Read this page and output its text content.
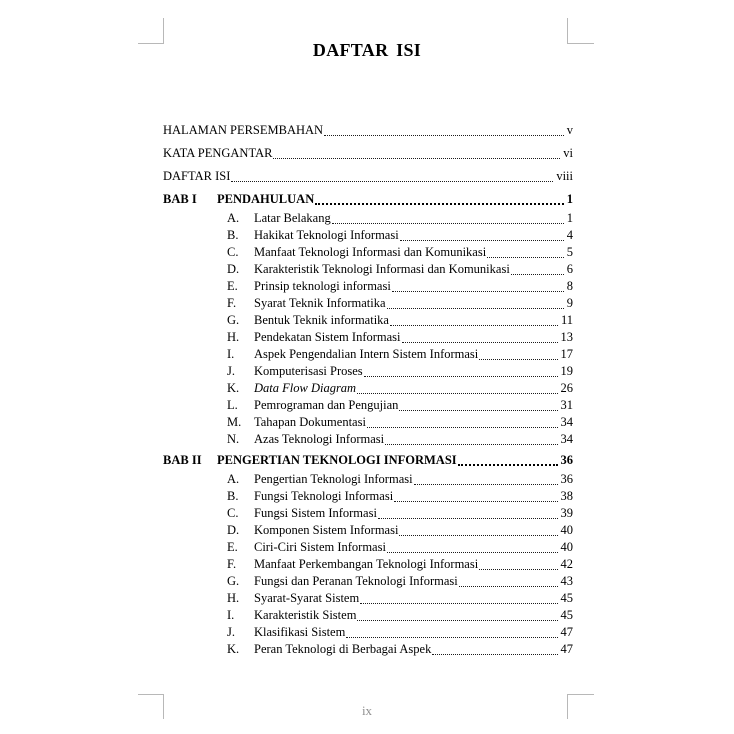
DAFTAR ISI
HALAMAN PERSEMBAHAN	v
KATA PENGANTAR	vi
DAFTAR ISI	viii
BAB I	PENDAHULUAN	1
A.	Latar Belakang	1
B.	Hakikat Teknologi Informasi	4
C.	Manfaat Teknologi Informasi dan Komunikasi	5
D.	Karakteristik Teknologi Informasi dan Komunikasi	6
E.	Prinsip teknologi informasi	8
F.	Syarat Teknik Informatika	9
G.	Bentuk Teknik informatika	11
H.	Pendekatan Sistem Informasi	13
I.	Aspek Pengendalian Intern Sistem Informasi	17
J.	Komputerisasi Proses	19
K.	Data Flow Diagram	26
L.	Pemrograman dan Pengujian	31
M.	Tahapan Dokumentasi	34
N.	Azas Teknologi Informasi	34
BAB II	PENGERTIAN TEKNOLOGI INFORMASI	36
A.	Pengertian Teknologi Informasi	36
B.	Fungsi Teknologi Informasi	38
C.	Fungsi Sistem Informasi	39
D.	Komponen Sistem Informasi	40
E.	Ciri-Ciri Sistem Informasi	40
F.	Manfaat Perkembangan Teknologi Informasi	42
G.	Fungsi dan Peranan Teknologi Informasi	43
H.	Syarat-Syarat Sistem	45
I.	Karakteristik Sistem	45
J.	Klasifikasi Sistem	47
K.	Peran Teknologi di Berbagai Aspek	47
ix
